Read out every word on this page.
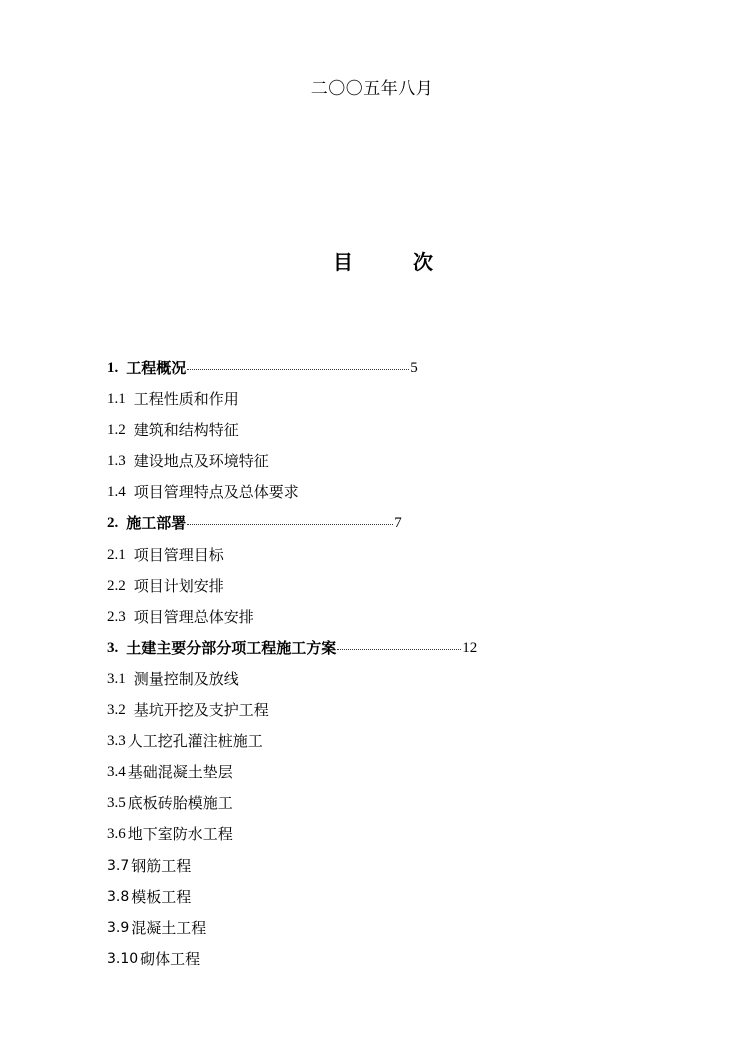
二〇〇五年八月
目	次
1. 工程概况	5
1.1 工程性质和作用
1.2 建筑和结构特征
1.3 建设地点及环境特征
1.4 项目管理特点及总体要求
2. 施工部署	7
2.1 项目管理目标
2.2 项目计划安排
2.3 项目管理总体安排
3. 土建主要分部分项工程施工方案	12
3.1 测量控制及放线
3.2 基坑开挖及支护工程
3.3 人工挖孔灌注桩施工
3.4 基础混凝土垫层
3.5 底板砖胎模施工
3.6 地下室防水工程
3.7 钢筋工程
3.8 模板工程
3.9 混凝土工程
3.10 砌体工程
